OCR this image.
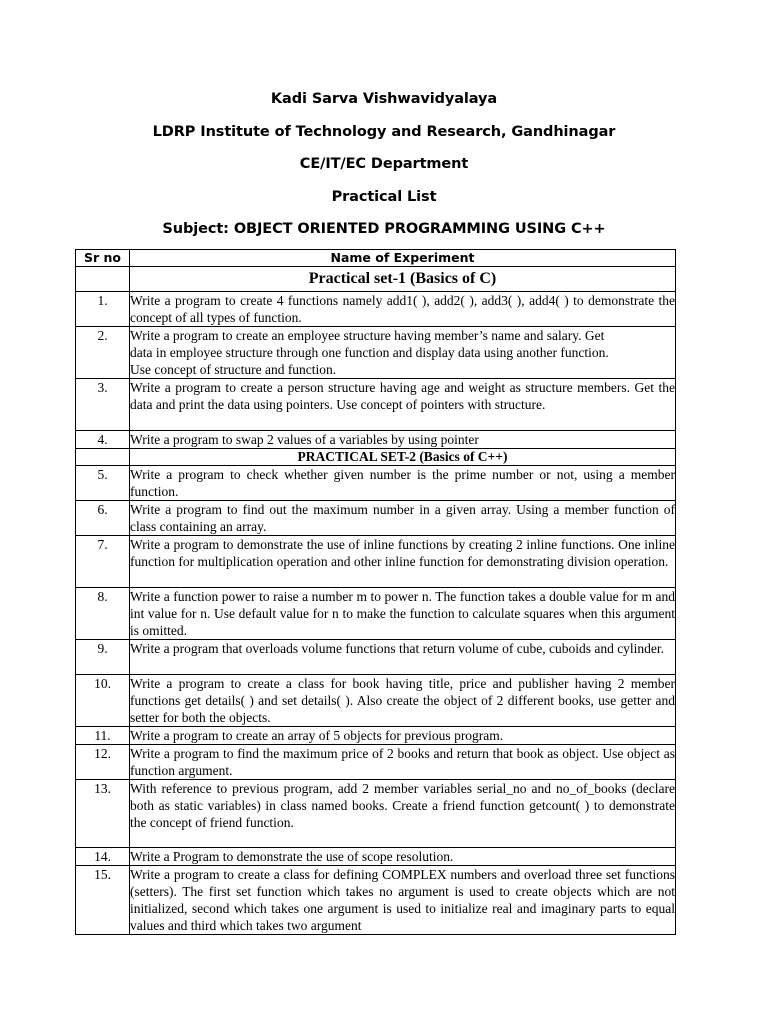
Kadi Sarva Vishwavidyalaya
LDRP Institute of Technology and Research, Gandhinagar
CE/IT/EC Department
Practical List
Subject: OBJECT ORIENTED PROGRAMMING USING C++
Sr no	Name of Experiment
	Practical set-1 (Basics of C)
1.	Write a program to create 4 functions namely add1( ), add2( ), add3( ), add4( ) to demonstrate the concept of all types of function.

2.	Write a program to create an employee structure having member’s name and salary. Get data in employee structure through one function and display data using another function. Use concept of structure and function.

3.	Write a program to create a person structure having age and weight as structure members. Get the data and print the data using pointers. Use concept of pointers with structure.

4.	Write a program to swap 2 values of a variables by using pointer

	PRACTICAL SET-2 (Basics of C++)
5.	Write a program to check whether given number is the prime number or not, using a member function.

6.	Write a program to find out the maximum number in a given array. Using a member function of class containing an array.

7.	Write a program to demonstrate the use of inline functions by creating 2 inline functions. One inline function for multiplication operation and other inline function for demonstrating division operation.

8.	Write a function power to raise a number m to power n. The function takes a double value for m and int value for n. Use default value for n to make the function to calculate squares when this argument is omitted.

9.	Write a program that overloads volume functions that return volume of cube, cuboids and cylinder.

10.	Write a program to create a class for book having title, price and publisher having 2 member functions get details( ) and set details( ). Also create the object of 2 different books, use getter and setter for both the objects.

11.	Write a program to create an array of 5 objects for previous program.

12.	Write a program to find the maximum price of 2 books and return that book as object. Use object as function argument.

13.	With reference to previous program, add 2 member variables serial_no and no_of_books (declare both as static variables) in class named books. Create a friend function getcount( ) to demonstrate the concept of friend function.

14.	Write a Program to demonstrate the use of scope resolution.

15.	Write a program to create a class for defining COMPLEX numbers and overload three set functions (setters). The first set function which takes no argument is used to create objects which are not initialized, second which takes one argument is used to initialize real and imaginary parts to equal values and third which takes two argument
